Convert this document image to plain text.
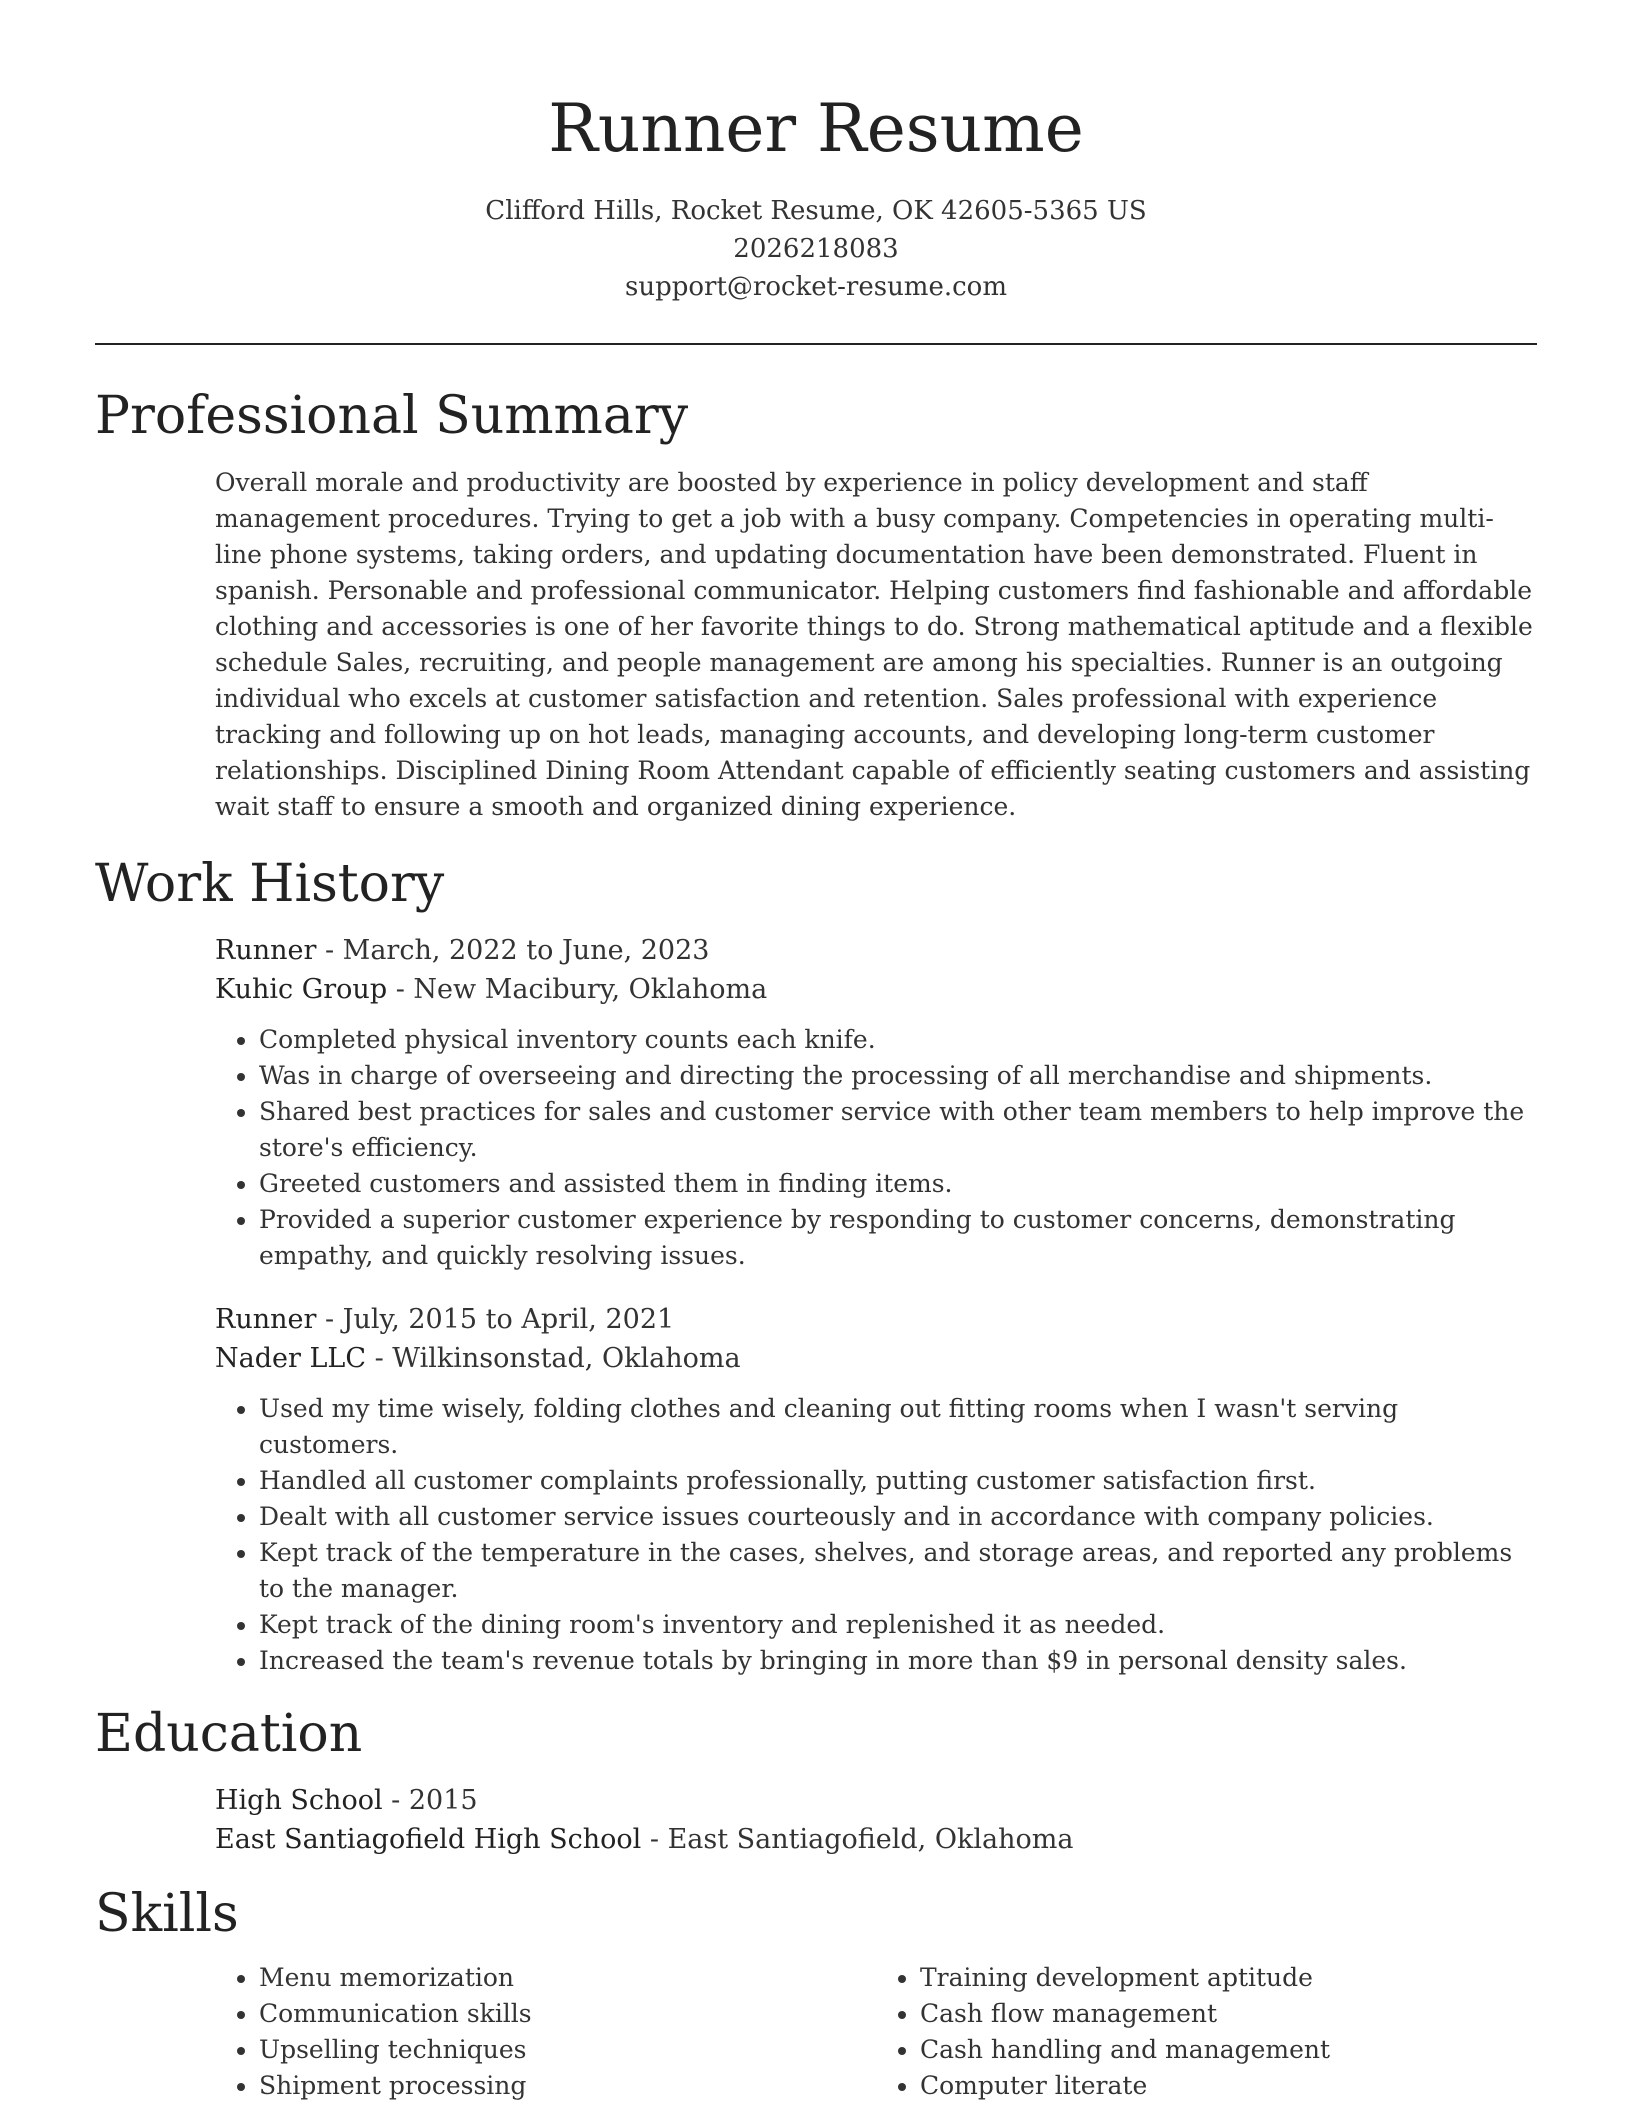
Runner Resume
Clifford Hills, Rocket Resume, OK 42605-5365 US
2026218083
support@rocket-resume.com
Professional Summary

Overall morale and productivity are boosted by experience in policy development and staff management procedures. Trying to get a job with a busy company. Competencies in operating multi-line phone systems, taking orders, and updating documentation have been demonstrated. Fluent in spanish. Personable and professional communicator. Helping customers find fashionable and affordable clothing and accessories is one of her favorite things to do. Strong mathematical aptitude and a flexible schedule Sales, recruiting, and people management are among his specialties. Runner is an outgoing individual who excels at customer satisfaction and retention. Sales professional with experience tracking and following up on hot leads, managing accounts, and developing long-term customer relationships. Disciplined Dining Room Attendant capable of efficiently seating customers and assisting wait staff to ensure a smooth and organized dining experience.

Work History
Runner - March, 2022 to June, 2023
Kuhic Group - New Macibury, Oklahoma
• Completed physical inventory counts each knife.
• Was in charge of overseeing and directing the processing of all merchandise and shipments.
• Shared best practices for sales and customer service with other team members to help improve the store's efficiency.
• Greeted customers and assisted them in finding items.
• Provided a superior customer experience by responding to customer concerns, demonstrating empathy, and quickly resolving issues.
Runner - July, 2015 to April, 2021
Nader LLC - Wilkinsonstad, Oklahoma
• Used my time wisely, folding clothes and cleaning out fitting rooms when I wasn't serving customers.
• Handled all customer complaints professionally, putting customer satisfaction first.
• Dealt with all customer service issues courteously and in accordance with company policies.
• Kept track of the temperature in the cases, shelves, and storage areas, and reported any problems to the manager.
• Kept track of the dining room's inventory and replenished it as needed.
• Increased the team's revenue totals by bringing in more than $9 in personal density sales.
Education
High School - 2015
East Santiagofield High School - East Santiagofield, Oklahoma
Skills
• Menu memorization
• Communication skills
• Upselling techniques
• Shipment processing
• Training development aptitude
• Cash flow management
• Cash handling and management
• Computer literate
